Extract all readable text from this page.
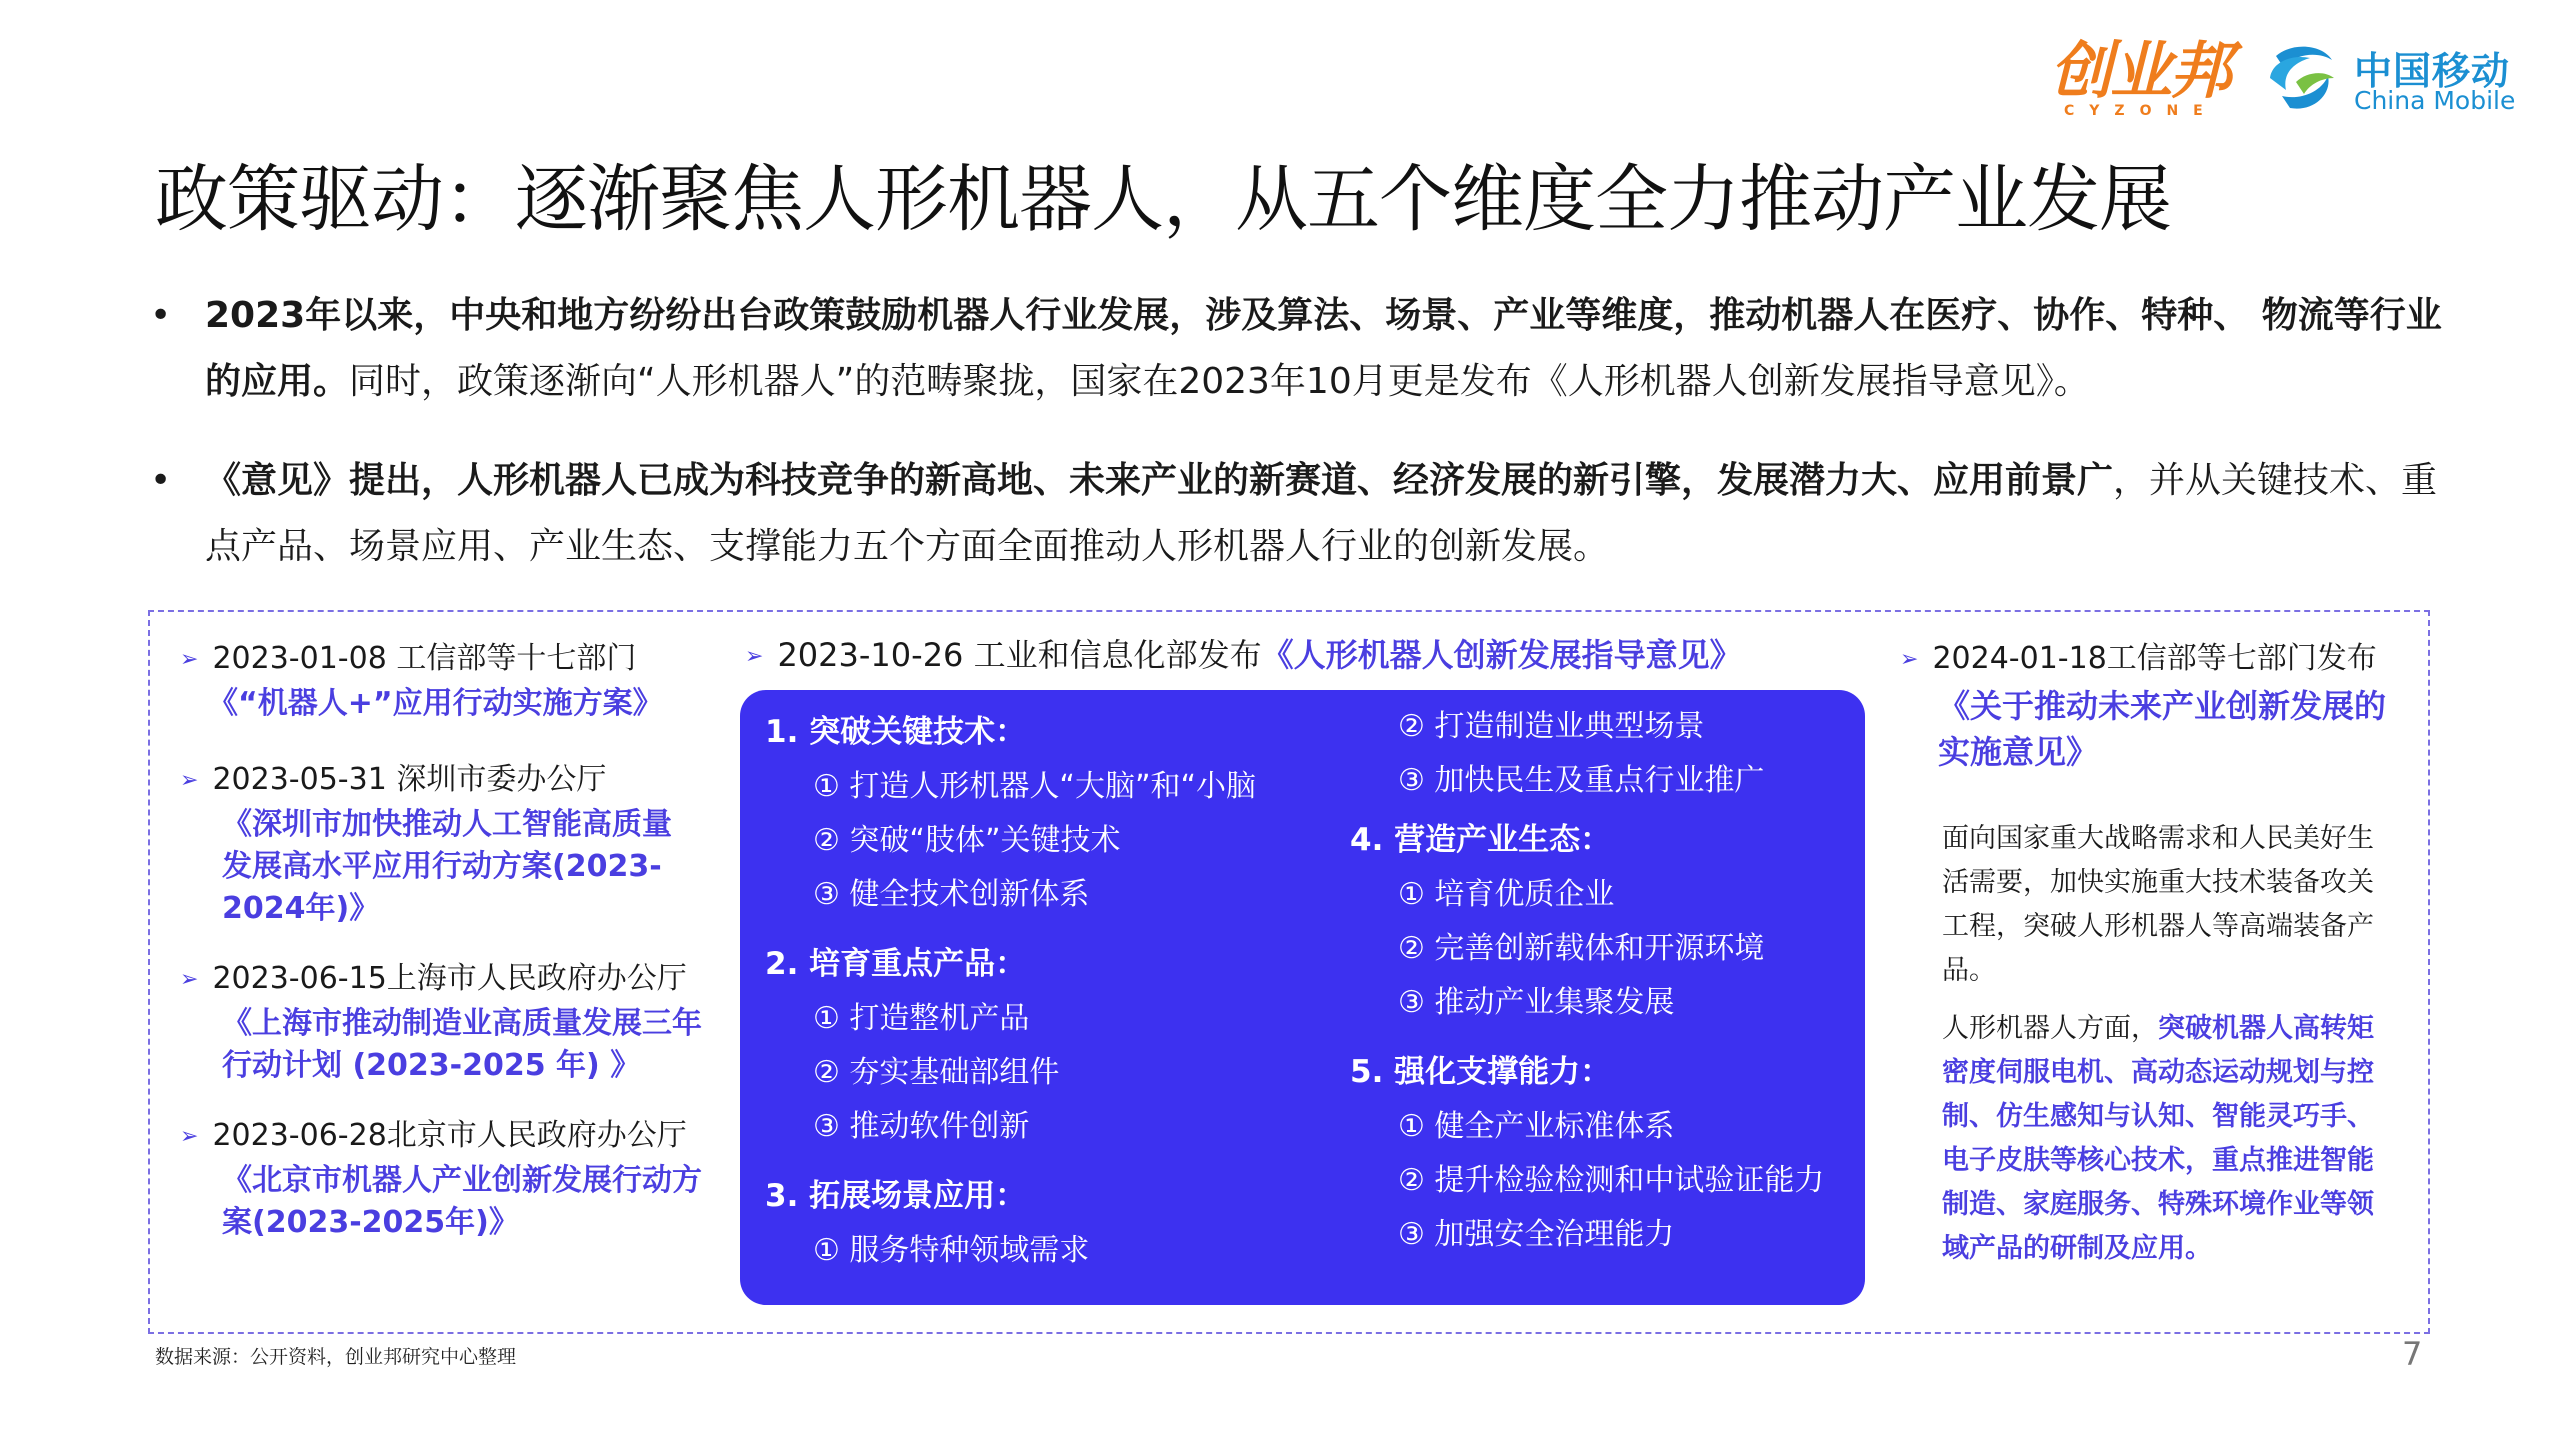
创业邦
CYZONE
中国移动
China Mobile
政策驱动：逐渐聚焦人形机器人，从五个维度全力推动产业发展
• 2023年以来，中央和地方纷纷出台政策鼓励机器人行业发展，涉及算法、场景、产业等维度，推动机器人在医疗、协作、特种、 物流等行业的应用。同时，政策逐渐向“人形机器人”的范畴聚拢，国家在2023年10月更是发布《人形机器人创新发展指导意见》。
• 《意见》提出，人形机器人已成为科技竞争的新高地、未来产业的新赛道、经济发展的新引擎，发展潜力大、应用前景广，并从关键技术、重点产品、场景应用、产业生态、支撑能力五个方面全面推动人形机器人行业的创新发展。
➢ 2023-01-08 工信部等十七部门
《“机器人+”应用行动实施方案》
➢ 2023-05-31 深圳市委办公厅
《深圳市加快推动人工智能高质量发展高水平应用行动方案(2023-2024年)》
➢ 2023-06-15上海市人民政府办公厅
《上海市推动制造业高质量发展三年行动计划 (2023-2025 年) 》
➢ 2023-06-28北京市人民政府办公厅
《北京市机器人产业创新发展行动方案(2023-2025年)》
➢ 2023-10-26 工业和信息化部发布《人形机器人创新发展指导意见》
1. 突破关键技术：
① 打造人形机器人“大脑”和“小脑
② 突破“肢体”关键技术
③ 健全技术创新体系
2. 培育重点产品：
① 打造整机产品
② 夯实基础部组件
③ 推动软件创新
3. 拓展场景应用：
① 服务特种领域需求
② 打造制造业典型场景
③ 加快民生及重点行业推广
4. 营造产业生态：
① 培育优质企业
② 完善创新载体和开源环境
③ 推动产业集聚发展
5. 强化支撑能力：
① 健全产业标准体系
② 提升检验检测和中试验证能力
③ 加强安全治理能力
➢ 2024-01-18工信部等七部门发布
《关于推动未来产业创新发展的实施意见》
面向国家重大战略需求和人民美好生活需要，加快实施重大技术装备攻关工程，突破人形机器人等高端装备产品。
人形机器人方面，突破机器人高转矩密度伺服电机、高动态运动规划与控制、仿生感知与认知、智能灵巧手、电子皮肤等核心技术，重点推进智能制造、家庭服务、特殊环境作业等领域产品的研制及应用。
数据来源：公开资料，创业邦研究中心整理	7
